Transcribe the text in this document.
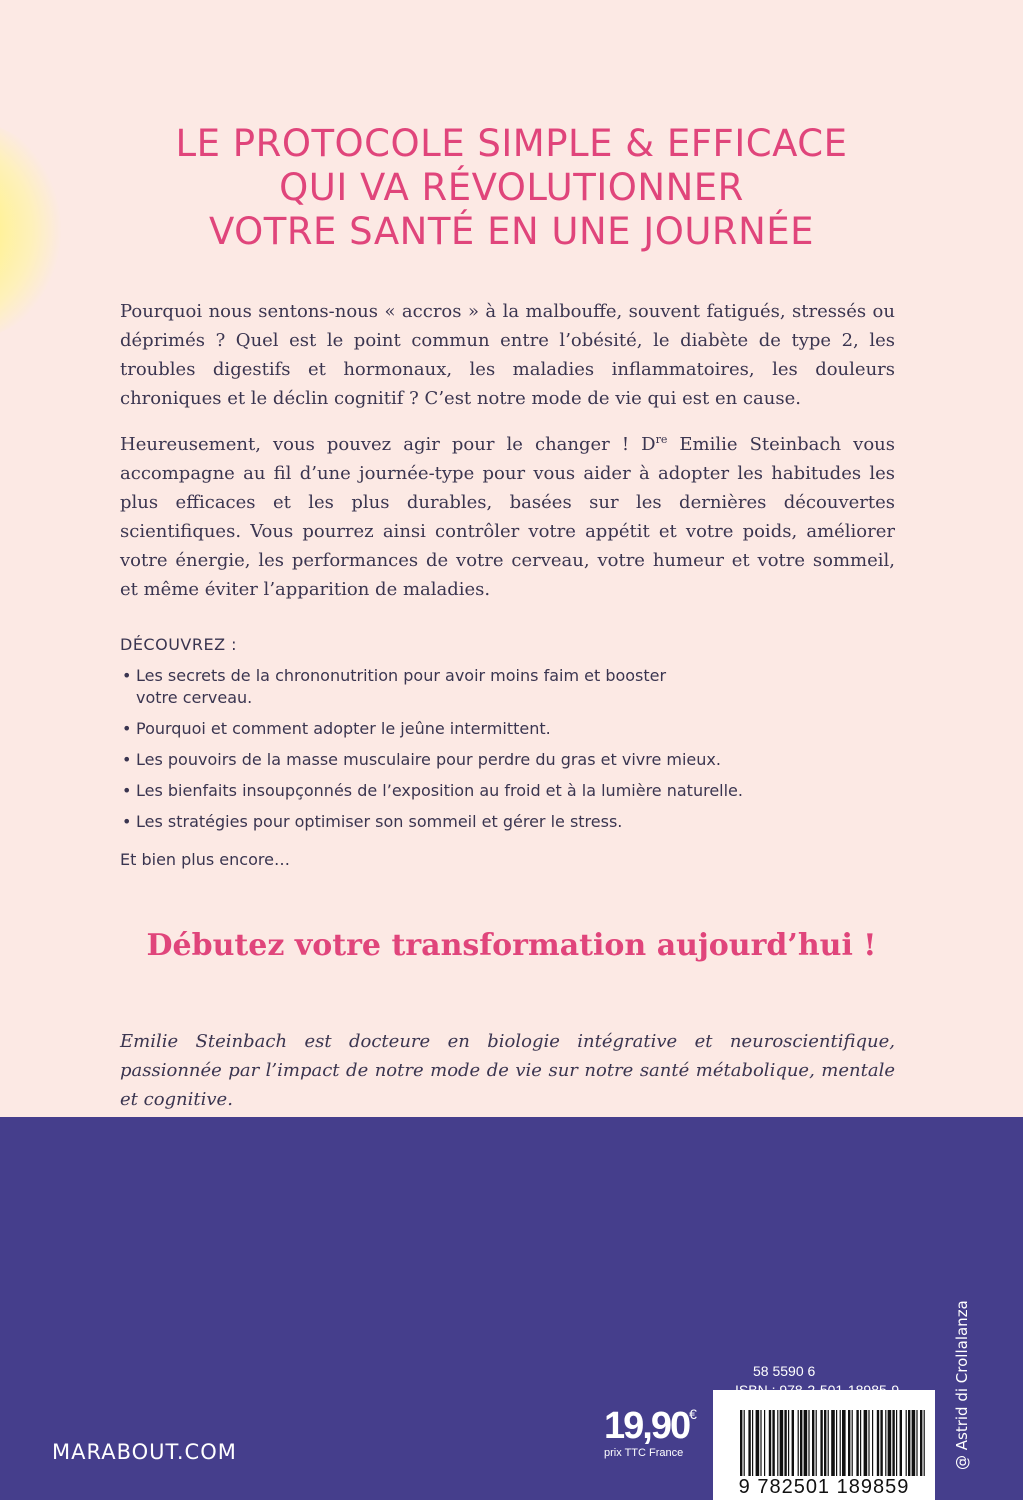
LE PROTOCOLE SIMPLE & EFFICACE
QUI VA RÉVOLUTIONNER
VOTRE SANTÉ EN UNE JOURNÉE

Pourquoi nous sentons-nous « accros » à la malbouffe, souvent fatigués, stressés ou déprimés ? Quel est le point commun entre l’obésité, le diabète de type 2, les troubles digestifs et hormonaux, les maladies inflammatoires, les douleurs chroniques et le déclin cognitif ? C’est notre mode de vie qui est en cause.

Heureusement, vous pouvez agir pour le changer ! Dre Emilie Steinbach vous accompagne au fil d’une journée-type pour vous aider à adopter les habitudes les plus efficaces et les plus durables, basées sur les dernières découvertes scientifiques. Vous pourrez ainsi contrôler votre appétit et votre poids, améliorer votre énergie, les performances de votre cerveau, votre humeur et votre sommeil, et même éviter l’apparition de maladies.

DÉCOUVREZ :
• Les secrets de la chrononutrition pour avoir moins faim et booster votre cerveau.
• Pourquoi et comment adopter le jeûne intermittent.
• Les pouvoirs de la masse musculaire pour perdre du gras et vivre mieux.
• Les bienfaits insoupçonnés de l’exposition au froid et à la lumière naturelle.
• Les stratégies pour optimiser son sommeil et gérer le stress.
Et bien plus encore…
Débutez votre transformation aujourd’hui !

Emilie Steinbach est docteure en biologie intégrative et neuroscientifique, passionnée par l’impact de notre mode de vie sur notre santé métabolique, mentale et cognitive.

MARABOUT.COM
19,90€
prix TTC France
58 5590 6
9 782501 189859
@ Astrid di Crollalanza
